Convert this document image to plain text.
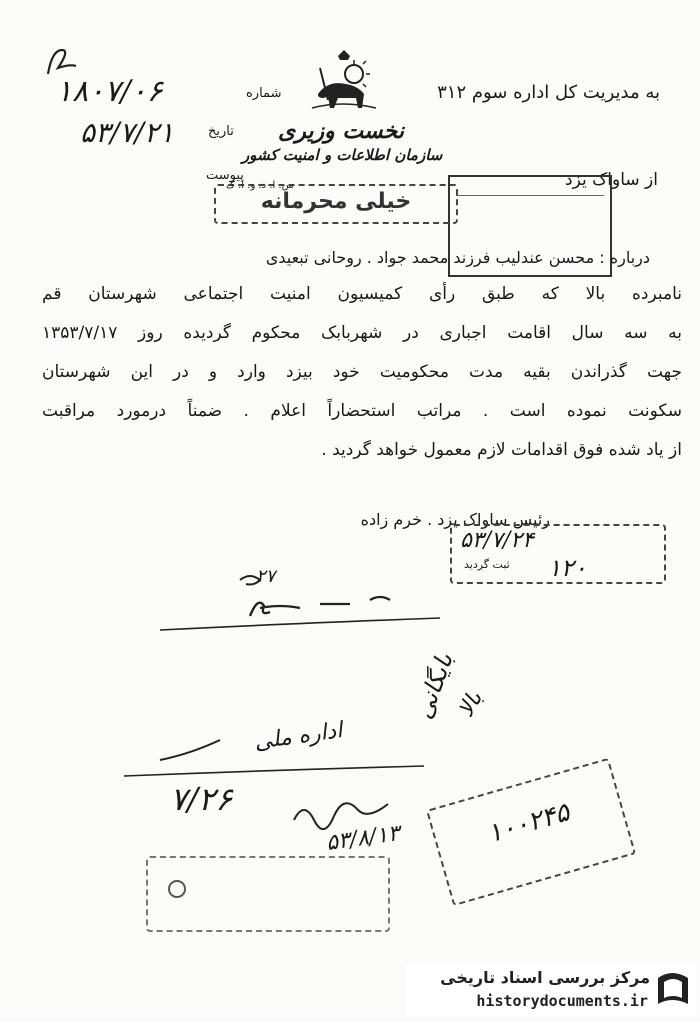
به مدیریت کل اداره سوم ۳۱۲
نخست وزیری
سازمان اطلاعات و امنیت کشور
شماره
۱۸۰۷/۰۶
تاریخ
۵۳/۷/۲۱
پیوست	از ساواک یزد
خیلی محرمانه
س. ا. د. و. ا. ک
درباره : محسن عندلیب فرزند محمد جواد . روحانی تبعیدی
نامبرده بالا که طبق رأی کمیسیون امنیت اجتماعی شهرستان قم
به سه سال اقامت اجباری در شهربابک محکوم گردیده روز ۱۳۵۳/۷/۱۷
جهت گذراندن بقیه مدت محکومیت خود بیزد وارد و در این شهرستان
سکونت نموده است . مراتب استحضاراً اعلام . ضمناً درمورد مراقبت
از یاد شده فوق اقدامات لازم معمول خواهد گردید .
رئیس ساواک یزد . خرم زاده
۵۳/۷/۲۴
ثبت گردید ۱۲۰
۲۷
بایگانی
بالا
اداره ملی
۷/۲۶
۵۳/۸/۱۳	۱۰۰۲۴۵
مرکز بررسی اسناد تاریخی
historydocuments.ir
